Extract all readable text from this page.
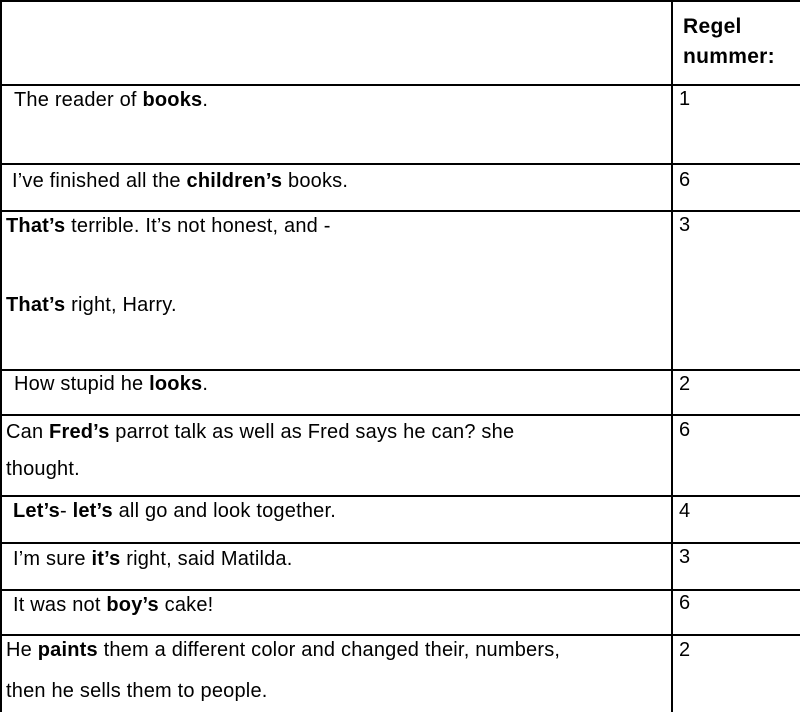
Regel
nummer:
The reader of books.
I’ve finished all the children’s books.
That’s terrible. It’s not honest, and -
That’s right, Harry.
How stupid he looks.
Can Fred’s parrot talk as well as Fred says he can? she
thought.
Let’s- let’s all go and look together.
I’m sure it’s right, said Matilda.
It was not boy’s cake!
He paints them a different color and changed their, numbers,
then he sells them to people.
1
6
3
2
6
4
3
6
2
